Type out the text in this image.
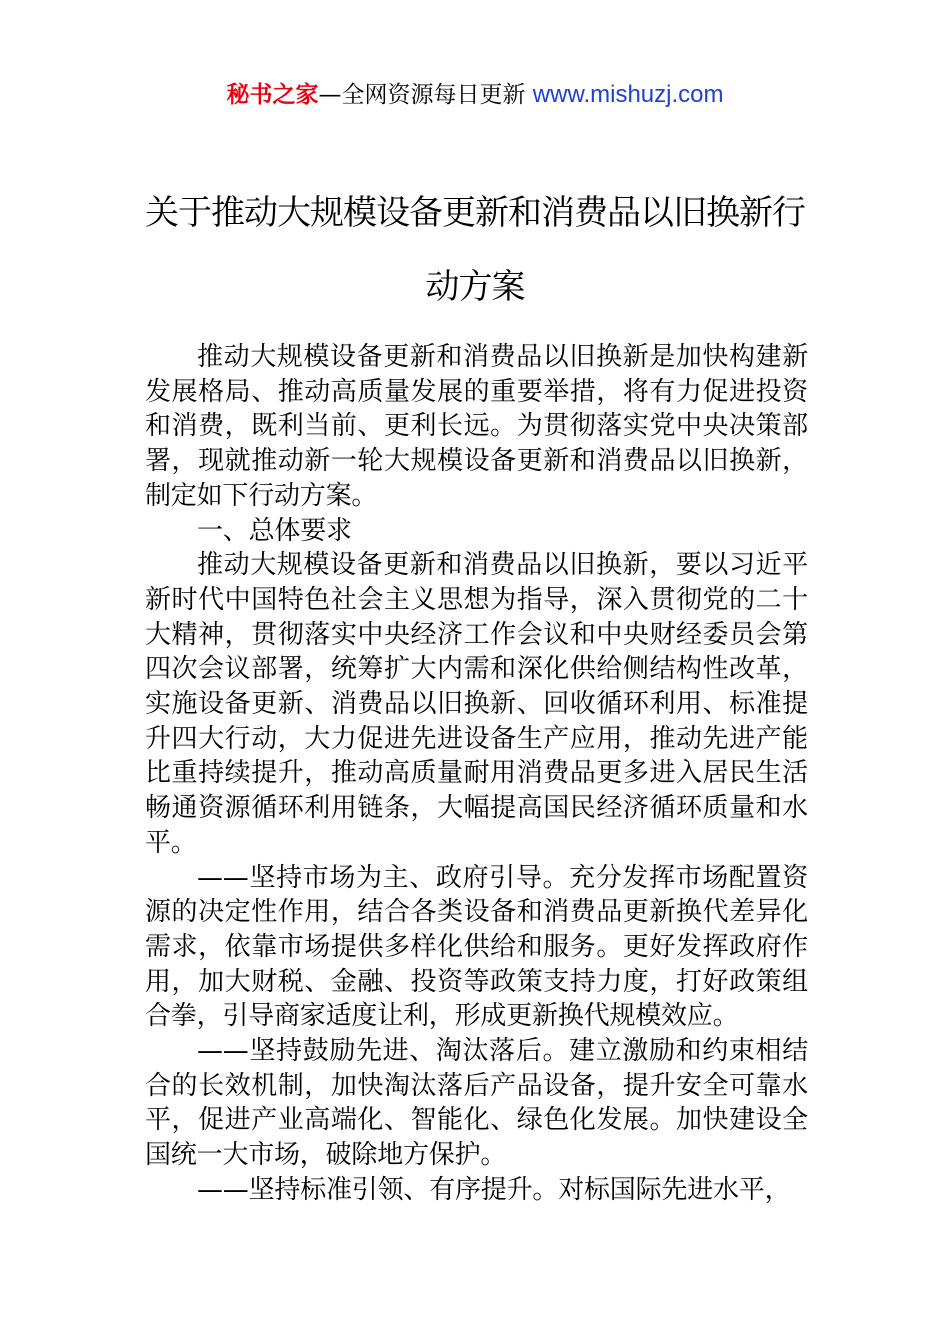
秘书之家—全网资源每日更新 www.mishuzj.com
关于推动大规模设备更新和消费品以旧换新行动方案

推动大规模设备更新和消费品以旧换新是加快构建新发展格局、推动高质量发展的重要举措，将有力促进投资和消费，既利当前、更利长远。为贯彻落实党中央决策部署，现就推动新一轮大规模设备更新和消费品以旧换新，制定如下行动方案。

一、总体要求

推动大规模设备更新和消费品以旧换新，要以习近平新时代中国特色社会主义思想为指导，深入贯彻党的二十大精神，贯彻落实中央经济工作会议和中央财经委员会第四次会议部署，统筹扩大内需和深化供给侧结构性改革，实施设备更新、消费品以旧换新、回收循环利用、标准提升四大行动，大力促进先进设备生产应用，推动先进产能比重持续提升，推动高质量耐用消费品更多进入居民生活畅通资源循环利用链条，大幅提高国民经济循环质量和水平。

——坚持市场为主、政府引导。充分发挥市场配置资源的决定性作用，结合各类设备和消费品更新换代差异化需求，依靠市场提供多样化供给和服务。更好发挥政府作用，加大财税、金融、投资等政策支持力度，打好政策组合拳，引导商家适度让利，形成更新换代规模效应。

——坚持鼓励先进、淘汰落后。建立激励和约束相结合的长效机制，加快淘汰落后产品设备，提升安全可靠水平，促进产业高端化、智能化、绿色化发展。加快建设全国统一大市场，破除地方保护。

——坚持标准引领、有序提升。对标国际先进水平，
